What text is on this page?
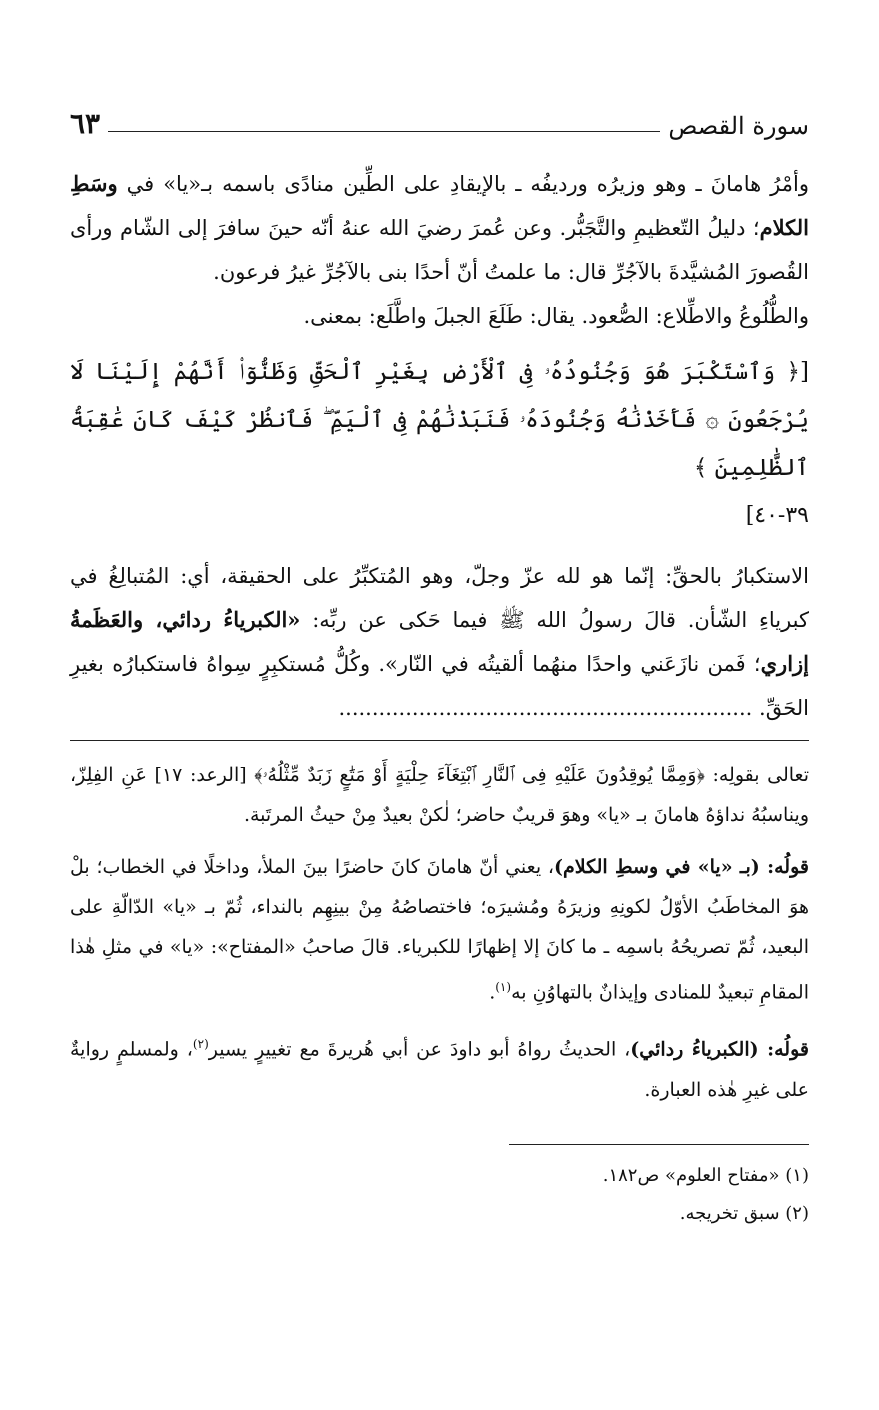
سورة القصص
٦٣

وأمْرُ هامانَ ـ وهو وزيرُه ورديفُه ـ بالإيقادِ على الطِّين منادًى باسمه بـ«يا» في وسَطِ الكلام؛ دليلُ التّعظيمِ والتَّجَبُّر. وعن عُمرَ رضيَ الله عنهُ أنّه حينَ سافرَ إلى الشّام ورأى القُصورَ المُشيَّدةَ بالآجُرِّ قال: ما علمتُ أنّ أحدًا بنى بالآجُرِّ غيرُ فرعون.

والطُّلُوعُ والاطِّلاع: الصُّعود. يقال: طَلَعَ الجبلَ واطَّلَع: بمعنى.

[﴿ وَٱسْتَكْبَرَ هُوَ وَجُنُودُهُۥ فِى ٱلْأَرْضِ بِغَيْرِ ٱلْحَقِّ وَظَنُّوٓا۟ أَنَّهُمْ إِلَيْنَا لَا يُرْجَعُونَ ۞ فَأَخَذْنَٰهُ وَجُنُودَهُۥ فَنَبَذْنَٰهُمْ فِى ٱلْيَمِّ ۖ فَٱنظُرْ كَيْفَ كَانَ عَٰقِبَةُ ٱلظَّٰلِمِينَ ﴾
٣٩-٤٠]

الاستكبارُ بالحقِّ: إنّما هو لله عزّ وجلّ، وهو المُتكبِّرُ على الحقيقة، أي: المُتبالِغُ في كبرياءِ الشّأن. قالَ رسولُ الله ﷺ فيما حَكى عن ربِّه: «الكبرياءُ ردائي، والعَظَمةُ إزاري؛ فَمن نازَعَني واحدًا منهُما ألقيتُه في النّار». وكُلُّ مُستكبِرٍ سِواهُ فاستكبارُه بغيرِ الحَقِّ. ..............................................................

تعالى بقولِه: ﴿وَمِمَّا يُوقِدُونَ عَلَيْهِ فِى ٱلنَّارِ ٱبْتِغَآءَ حِلْيَةٍ أَوْ مَتَٰعٍ زَبَدٌ مِّثْلُهُۥ﴾ [الرعد: ١٧] عَنِ الفِلِزّ، ويناسبُهُ نداؤهُ هامانَ بـ «يا» وهوَ قريبٌ حاضر؛ لٰكنْ بعيدٌ مِنْ حيثُ المرتَبة.

قولُه: (بـ «يا» في وسطِ الكلام)، يعني أنّ هامانَ كانَ حاضرًا بينَ الملأ، وداخلًا في الخطاب؛ بلْ هوَ المخاطَبُ الأوّلُ لكونِهِ وزيرَهُ ومُشيرَه؛ فاختصاصُهُ مِنْ بينِهِم بالنداء، ثُمّ بـ «يا» الدّالّةِ على البعيد، ثُمّ تصريحُهُ باسمِه ـ ما كانَ إلا إظهارًا للكبرياء. قالَ صاحبُ «المفتاح»: «يا» في مثلِ هٰذا المقامِ تبعيدٌ للمنادى وإيذانٌ بالتهاوُنِ به$^{(١)}$.

قولُه: (الكبرياءُ ردائي)، الحديثُ رواهُ أبو داودَ عن أبي هُريرةَ مع تغييرٍ يسير$^{(٢)}$، ولمسلمٍ روايةٌ على غيرِ هٰذه العبارة.

(١) «مفتاح العلوم» ص١٨٢.

(٢) سبق تخريجه.
